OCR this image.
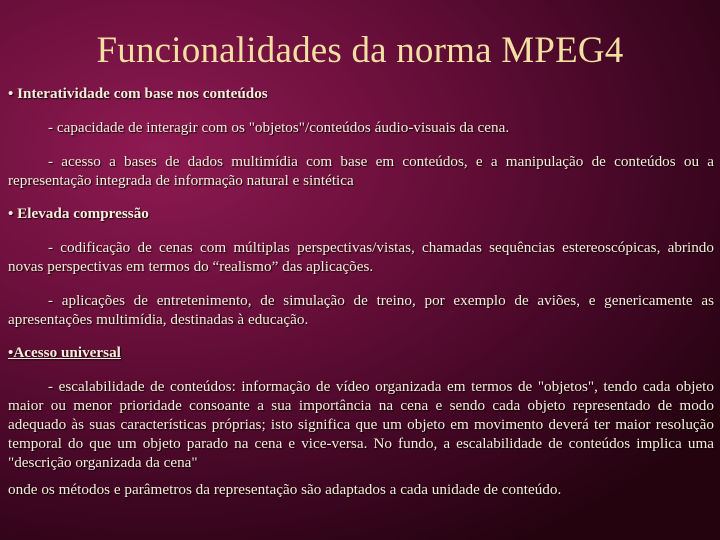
Funcionalidades da norma MPEG4

• Interatividade com base nos conteúdos

- capacidade de interagir com os "objetos"/conteúdos áudio-visuais da cena.

- acesso a bases de dados multimídia com base em conteúdos, e a manipulação de conteúdos ou a representação integrada de informação natural e sintética

• Elevada compressão

- codificação de cenas com múltiplas perspectivas/vistas, chamadas sequências estereoscópicas, abrindo novas perspectivas em termos do “realismo” das aplicações.

- aplicações de entretenimento, de simulação de treino, por exemplo de aviões, e genericamente as apresentações multimídia, destinadas à educação.

•Acesso universal

- escalabilidade de conteúdos: informação de vídeo organizada em termos de "objetos", tendo cada objeto maior ou menor prioridade consoante a sua importância na cena e sendo cada objeto representado de modo adequado às suas características próprias; isto significa que um objeto em movimento deverá ter maior resolução temporal do que um objeto parado na cena e vice-versa. No fundo, a escalabilidade de conteúdos implica uma "descrição organizada da cena"

onde os métodos e parâmetros da representação são adaptados a cada unidade de conteúdo.
